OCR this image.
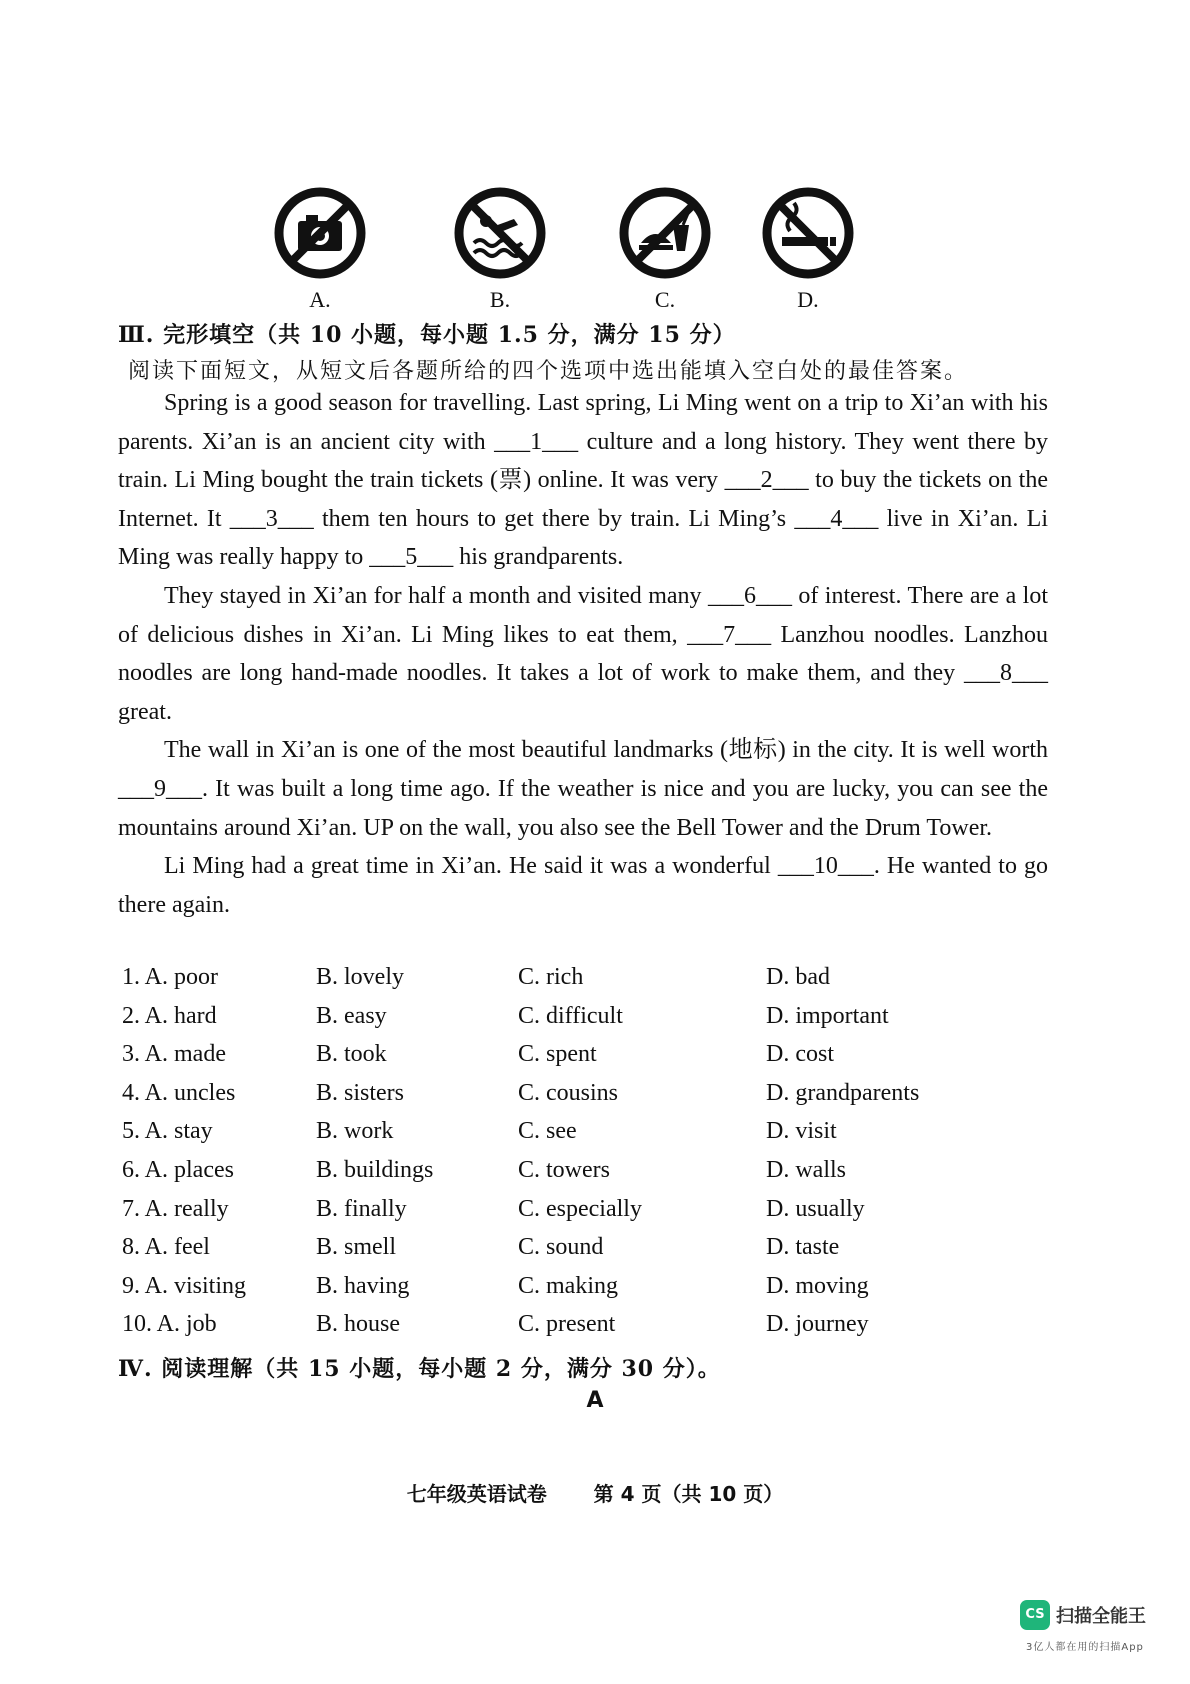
A.	B.	C.	D.
Ⅲ. 完形填空（共 10 小题，每小题 1.5 分，满分 15 分）
阅读下面短文，从短文后各题所给的四个选项中选出能填入空白处的最佳答案。

Spring is a good season for travelling. Last spring, Li Ming went on a trip to Xi’an with his parents. Xi’an is an ancient city with ___1___ culture and a long history. They went there by train. Li Ming bought the train tickets (票) online. It was very ___2___ to buy the tickets on the Internet. It ___3___ them ten hours to get there by train. Li Ming’s ___4___ live in Xi’an. Li Ming was really happy to ___5___ his grandparents.

They stayed in Xi’an for half a month and visited many ___6___ of interest. There are a lot of delicious dishes in Xi’an. Li Ming likes to eat them, ___7___ Lanzhou noodles. Lanzhou noodles are long hand-made noodles. It takes a lot of work to make them, and they ___8___ great.

The wall in Xi’an is one of the most beautiful landmarks (地标) in the city. It is well worth ___9___. It was built a long time ago. If the weather is nice and you are lucky, you can see the mountains around Xi’an. UP on the wall, you also see the Bell Tower and the Drum Tower.

Li Ming had a great time in Xi’an. He said it was a wonderful ___10___. He wanted to go there again.

1. A. poor	B. lovely	C. rich	D. bad
2. A. hard	B. easy	C. difficult	D. important
3. A. made	B. took	C. spent	D. cost
4. A. uncles	B. sisters	C. cousins	D. grandparents
5. A. stay	B. work	C. see	D. visit
6. A. places	B. buildings	C. towers	D. walls
7. A. really	B. finally	C. especially	D. usually
8. A. feel	B. smell	C. sound	D. taste
9. A. visiting	B. having	C. making	D. moving
10. A. job	B. house	C. present	D. journey
Ⅳ. 阅读理解（共 15 小题，每小题 2 分，满分 30 分）。
A
七年级英语试卷 第 4 页（共 10 页）
CS 扫描全能王
3亿人都在用的扫描App
